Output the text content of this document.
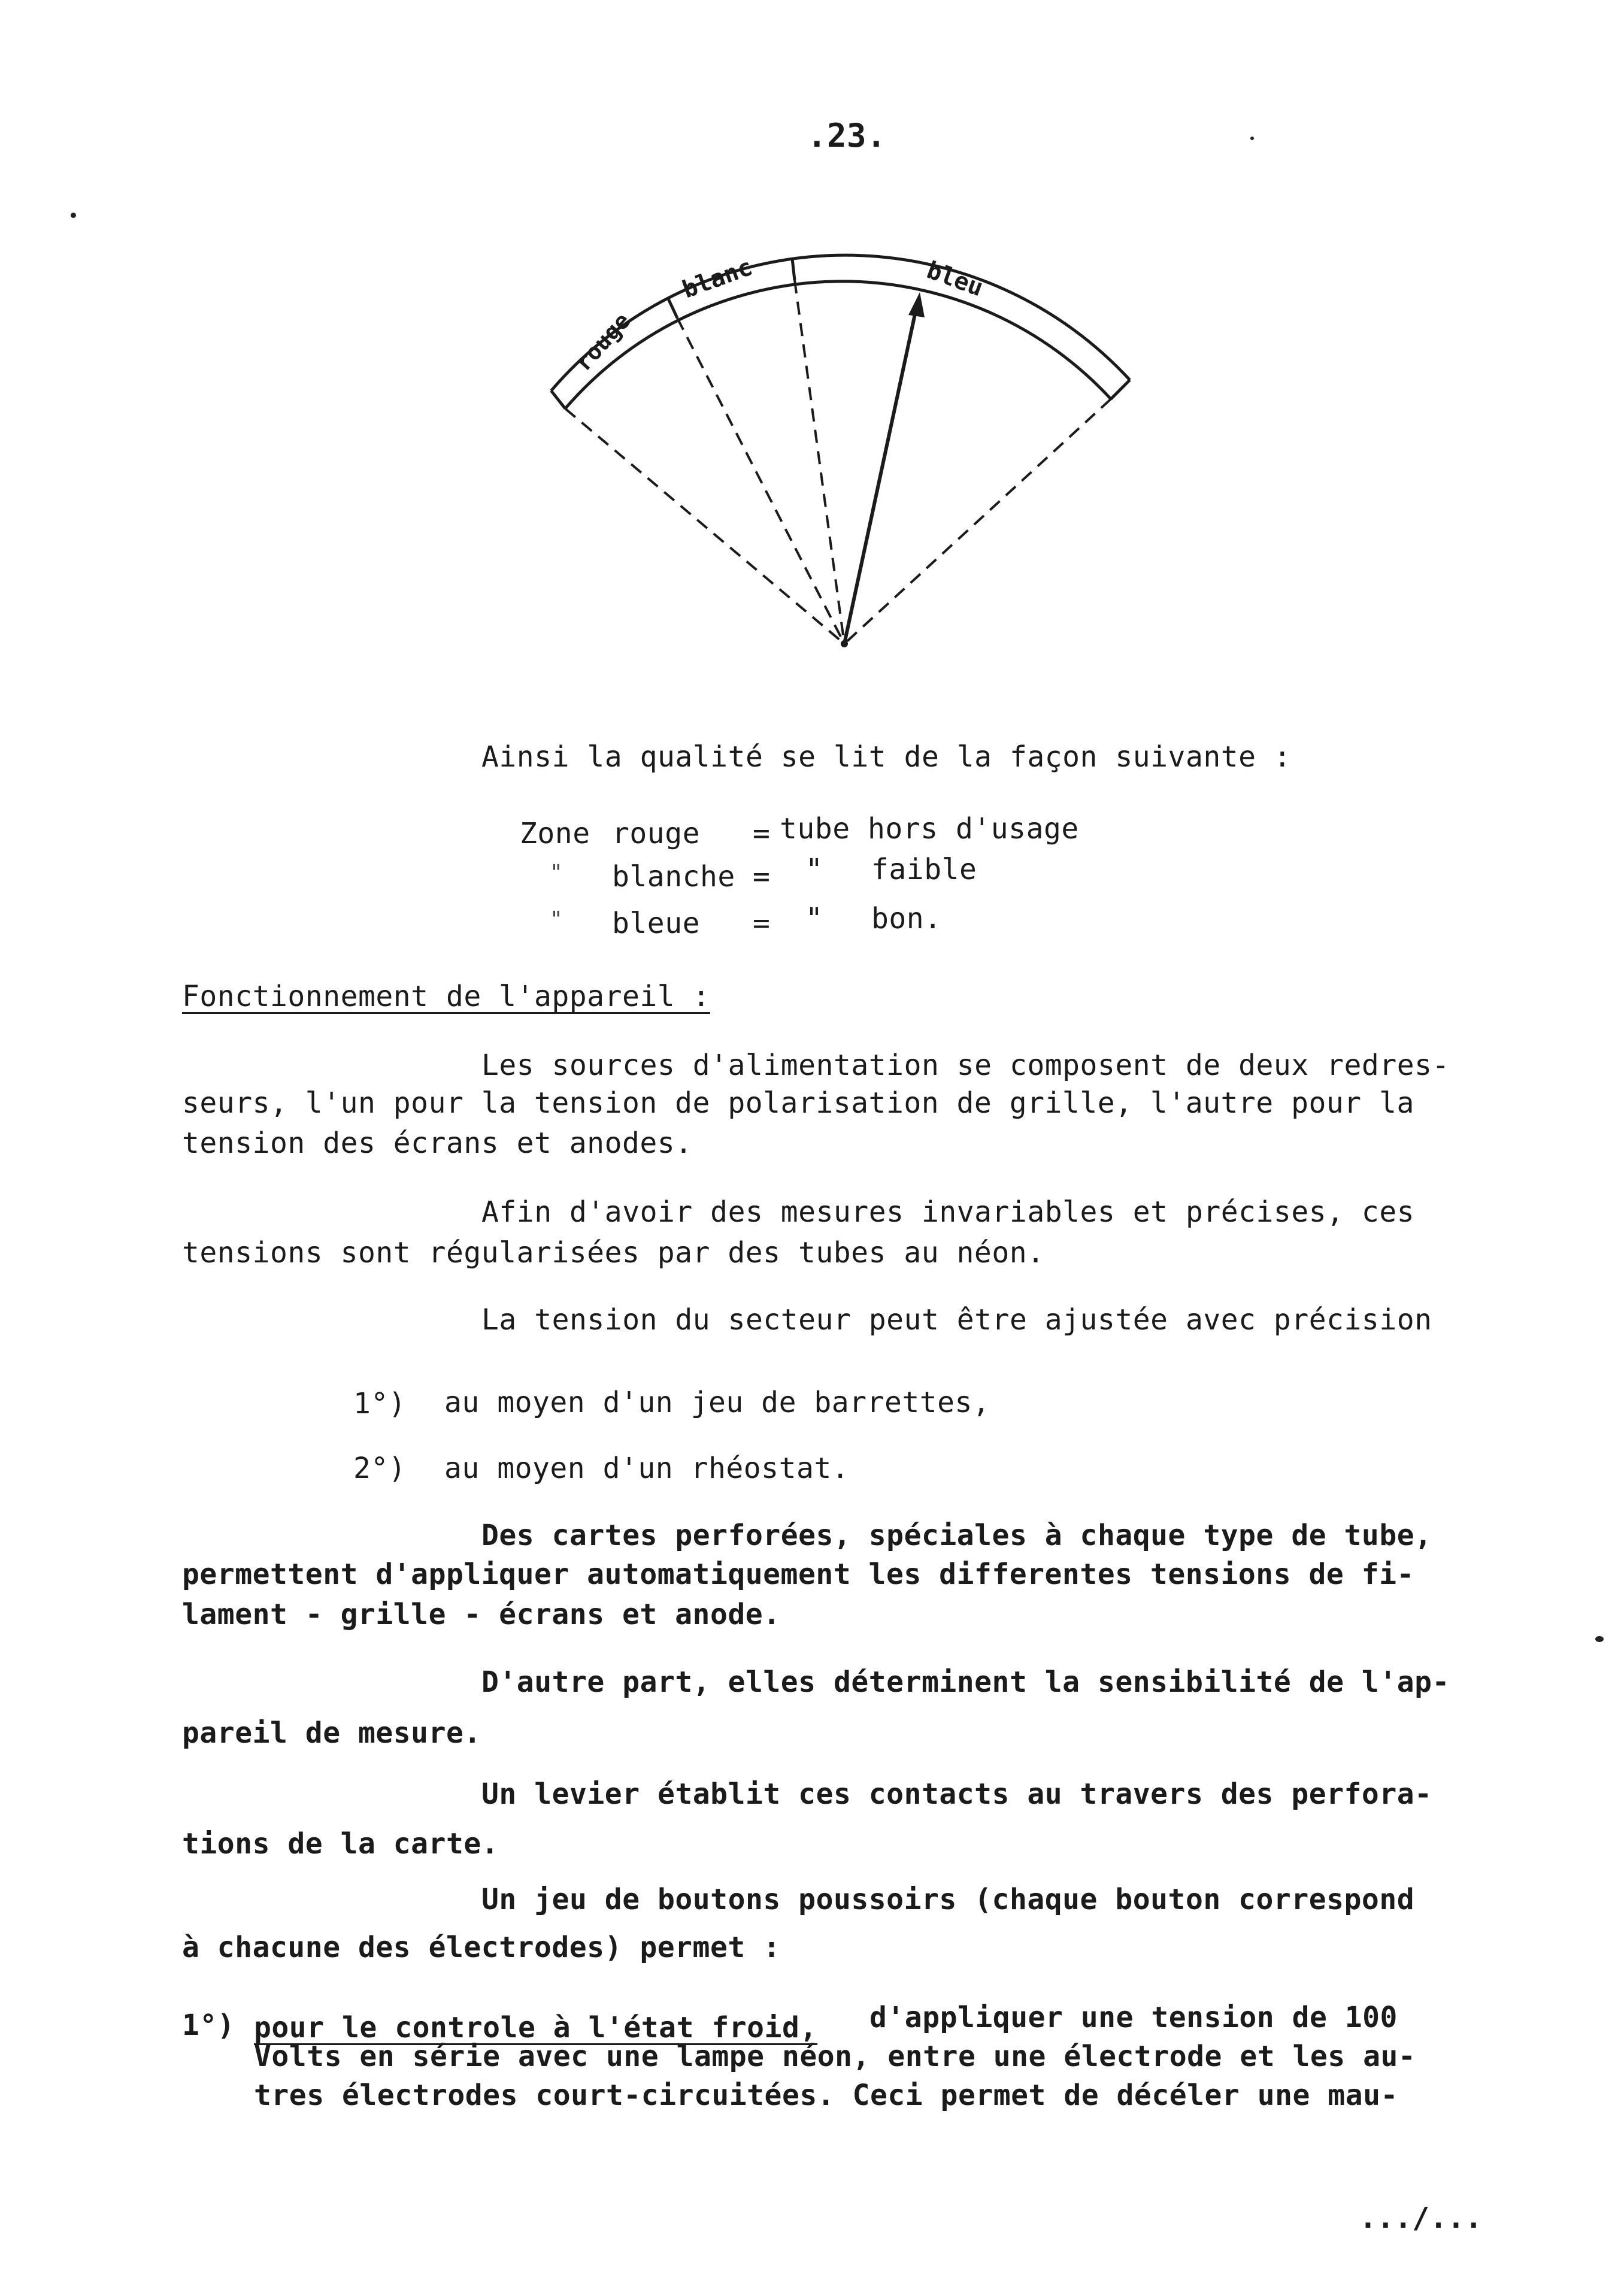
.23.
rouge
blanc	bleu
Ainsi la qualité se lit de la façon suivante :
Zone rouge = tube hors d'usage
" blanche = " faible
" bleue = " bon.
Fonctionnement de l'appareil :
Les sources d'alimentation se composent de deux redres-
seurs, l'un pour la tension de polarisation de grille, l'autre pour la
tension des écrans et anodes.
Afin d'avoir des mesures invariables et précises, ces
tensions sont régularisées par des tubes au néon.
La tension du secteur peut être ajustée avec précision
1°) au moyen d'un jeu de barrettes,
2°) au moyen d'un rhéostat.
Des cartes perforées, spéciales à chaque type de tube,
permettent d'appliquer automatiquement les differentes tensions de fi-
lament - grille - écrans et anode.
D'autre part, elles déterminent la sensibilité de l'ap-
pareil de mesure.
Un levier établit ces contacts au travers des perfora-
tions de la carte.
Un jeu de boutons poussoirs (chaque bouton correspond
à chacune des électrodes) permet :
1°) pour le controle à l'état froid, d'appliquer une tension de 100
Volts en série avec une lampe néon, entre une électrode et les au-
tres électrodes court-circuitées. Ceci permet de décéler une mau-
.../...
